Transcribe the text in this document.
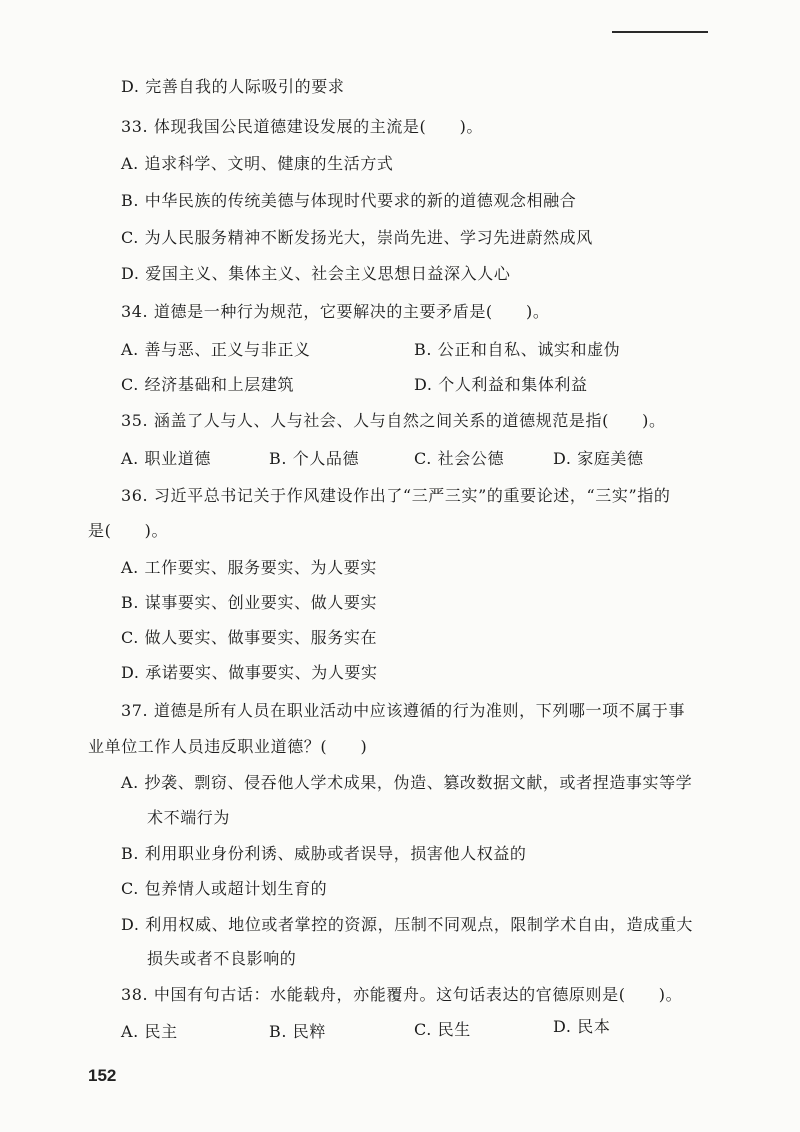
D. 完善自我的人际吸引的要求
33. 体现我国公民道德建设发展的主流是(　　)。
A. 追求科学、文明、健康的生活方式
B. 中华民族的传统美德与体现时代要求的新的道德观念相融合
C. 为人民服务精神不断发扬光大，崇尚先进、学习先进蔚然成风
D. 爱国主义、集体主义、社会主义思想日益深入人心
34. 道德是一种行为规范，它要解决的主要矛盾是(　　)。
A. 善与恶、正义与非正义	B. 公正和自私、诚实和虚伪
C. 经济基础和上层建筑	D. 个人利益和集体利益
35. 涵盖了人与人、人与社会、人与自然之间关系的道德规范是指(　　)。
A. 职业道德	B. 个人品德	C. 社会公德	D. 家庭美德
36. 习近平总书记关于作风建设作出了“三严三实”的重要论述，“三实”指的
是(　　)。
A. 工作要实、服务要实、为人要实
B. 谋事要实、创业要实、做人要实
C. 做人要实、做事要实、服务实在
D. 承诺要实、做事要实、为人要实
37. 道德是所有人员在职业活动中应该遵循的行为准则，下列哪一项不属于事
业单位工作人员违反职业道德？(　　)
A. 抄袭、剽窃、侵吞他人学术成果，伪造、篡改数据文献，或者捏造事实等学
术不端行为
B. 利用职业身份利诱、威胁或者误导，损害他人权益的
C. 包养情人或超计划生育的
D. 利用权威、地位或者掌控的资源，压制不同观点，限制学术自由，造成重大
损失或者不良影响的
38. 中国有句古话：水能载舟，亦能覆舟。这句话表达的官德原则是(　　)。
A. 民主	B. 民粹	C. 民生	D. 民本
152
